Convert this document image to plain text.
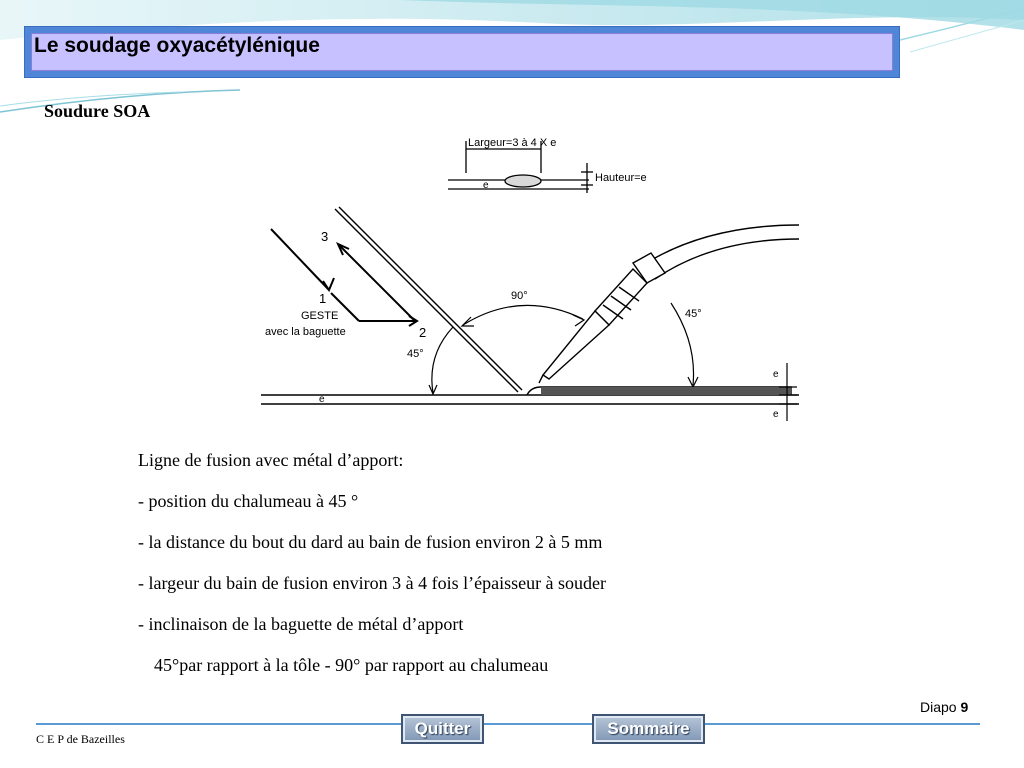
Le soudage oxyacétylénique
Soudure SOA
Largeur=3 à 4 X e
Hauteur=e
e
1
2
3
GESTE
avec la baguette
45°
90°
45°
e
e
e
Ligne de fusion avec métal d’apport:
- position du chalumeau à 45 °
- la distance du bout du dard au bain de fusion environ 2 à 5 mm
- largeur du bain de fusion environ 3 à 4 fois l’épaisseur à souder
- inclinaison de la baguette de métal d’apport
45°par rapport à la tôle - 90° par rapport au chalumeau
Diapo 9
C E P de Bazeilles
Quitter	Sommaire
